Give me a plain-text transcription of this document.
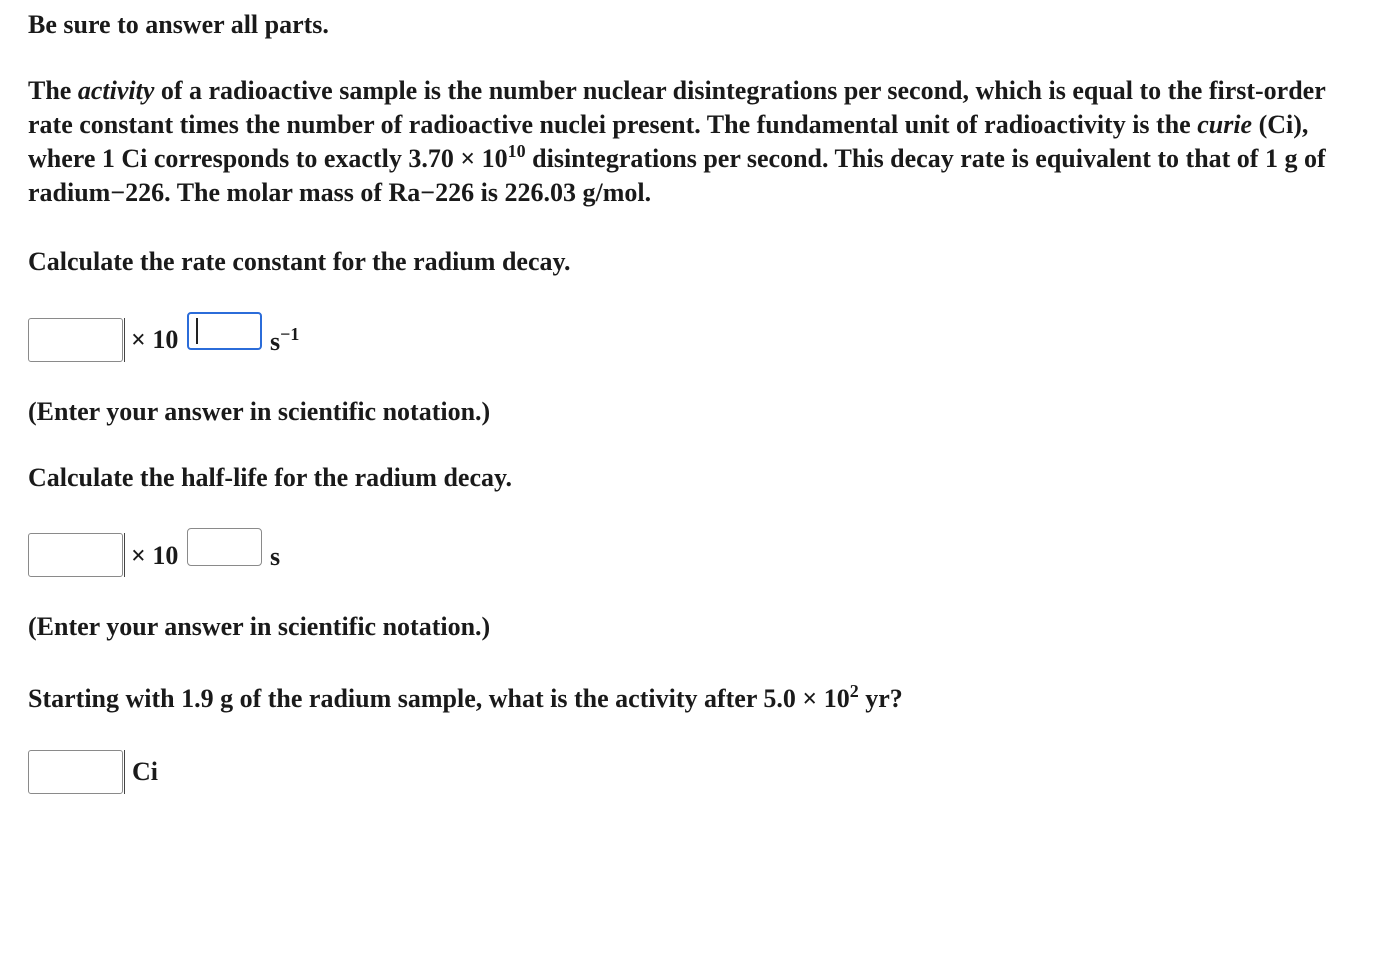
Be sure to answer all parts.
The activity of a radioactive sample is the number nuclear disintegrations per second, which is equal to the first-order rate constant times the number of radioactive nuclei present. The fundamental unit of radioactivity is the curie (Ci), where 1 Ci corresponds to exactly $3.70 \times 10^{10}$ disintegrations per second. This decay rate is equivalent to that of 1 g of radium−226. The molar mass of Ra−226 is 226.03 g/mol.
Calculate the rate constant for the radium decay.
× 10	$s^{-1}$
(Enter your answer in scientific notation.)
Calculate the half-life for the radium decay.
× 10	s
(Enter your answer in scientific notation.)
Starting with 1.9 g of the radium sample, what is the activity after $5.0 \times 10^2$ yr?
Ci
